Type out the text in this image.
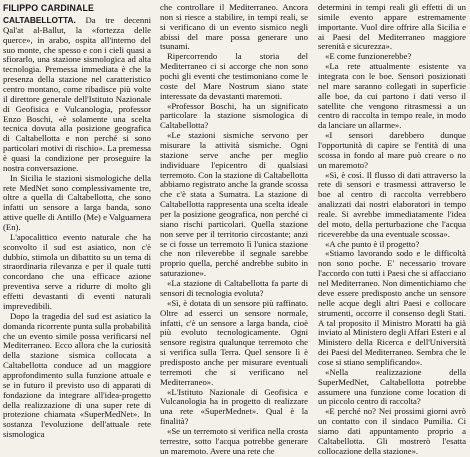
FILIPPO CARDINALE

CALTABELLOTTA. Da tre decenni Qal'at al-Ballut, la «fortezza delle querce», in arabo, ospita all'interno del suo monte, che spesso e con i cieli quasi a sfiorarlo, una stazione sismologica ad alta tecnologia. Premessa immediata è che la presenza della stazione nel caratteristico centro montano, come ribadisce più volte il direttore generale dell'Istituto Nazionale di Geofisica e Vulcanologia, professor Enzo Boschi, «è solamente una scelta tecnica dovuta alla posizione geografica di Caltabellotta e non perché si sono particolari motivi di rischio». La premessa è quasi la condizione per proseguire la nostra conversazione.

In Sicilia le stazioni sismologiche della rete MedNet sono complessivamente tre, oltre a quella di Caltabellotta, che sono infatti un sensore a larga banda, sono attive quelle di Antillo (Me) e Valguarnera (En).

L'apocalittico evento naturale che ha sconvolto il sud est asiatico, non c'è dubbio, stimola un dibattito su un tema di straordinaria rilevanza e per il quale tutti concordano che una efficace azione preventiva serve a ridurre di molto gli effetti devastanti di eventi naturali imprevedibili.

Dopo la tragedia del sud est asiatico la domanda ricorrente punta sulla probabilità che un evento simile possa verificarsi nel Mediterraneo. Ecco allora che la curiosità della stazione sismica collocata a Caltabellotta conduce ad un maggiore approfondimento sulla funzione attuale e se in futuro il previsto uso di apparati di fondazione da integrare all'idea-progetto della realizzazione di una super rete di protezione chiamata «SuperMedNet». In sostanza l'evoluzione dell'attuale rete sismologica

che controllare il Mediterraneo. Ancora non si riesce a stabilire, in tempi reali, se si verificano di un evento sismico negli abissi del mare possa generare uno tsunami.

Ripercorrendo la storia del Mediterraneo ci si accorge che non sono pochi gli eventi che testimoniano come le coste del Mare Nostrum siano state interessate da devastanti maremoti.

«Professor Boschi, ha un significato particolare la stazione sismologica di Caltabellotta?

«Le stazioni sismiche servono per misurare la attività sismiche. Ogni stazione serve anche per meglio individuare l'epicentro di qualsiasi terremoto. Con la stazione di Caltabellotta abbiamo registrato anche la grande scossa che c'è stata a Sumatra. La stazione di Caltabellotta rappresenta una scelta ideale per la posizione geografica, non perché ci siano rischi particolari. Quella stazione non serve per il territorio circostante; anzi se ci fosse un terremoto lì l'unica stazione che non rileverebbe il segnale sarebbe proprio quella, perché andrebbe subito in saturazione».

«La stazione di Caltabellotta fa parte di sensori di tecnologia evoluta?

«Sì, è dotata di un sensore più raffinato. Oltre ad essercì un sensore normale, infatti, c'è un sensore a larga banda, cioè più evoluto tecnologicamente. Ogni sensore registra qualunque terremoto che si verifica sulla Terra. Quel sensore lì è predisposto anche per misurare eventuali terremoti che si verificano nel Mediterraneo».

«L'Istituto Nazionale di Geofisica e Vulcanologia ha in progetto di realizzare una rete «SuperMednet». Qual è la finalità?

«Se un terremoto si verifica nella crosta terrestre, sotto l'acqua potrebbe generare un maremoto. Avere una rete che

determini in tempi reali gli effetti di un simile evento appare estremamente importante. Vuol dire offrire alla Sicilia e ai Paesi del Mediterraneo maggiore serenità e sicurezza».

«E come funzionerebbe?

«La rete attualmente esistente va integrata con le boe. Sensori posizionati nel mare saranno collegati in superficie alle boe, da cui partono i dati verso il satellite che vengono ritrasmessi a un centro di raccolta in tempo reale, in modo da lanciare un allarme».

«I sensori darebbero dunque l'opportunità di capire se l'entità di una scossa in fondo al mare può creare o no un maremoto?

«Sì, è così. Il flusso di dati attraverso la rete di sensori e trasmessi attraverso le boe al centro di raccolta verrebbero analizzati dai nostri elaboratori in tempo reale. Si avrebbe immediatamente l'idea del moto, della perturbazione che l'acqua riceverebbe da una eventuale scossa».

«A che punto è il progetto?

«Stiamo lavorando sodo e le difficoltà non sono poche. E' necessario trovare l'accordo con tutti i Paesi che si affacciano nel Mediterraneo. Non dimentichiamo che deve essere predisposto anche un sensore nelle acque degli altri Paesi e collocare strumenti, occorre il consenso degli Stati. A tal proposito il Ministro Moratti ha già inviato al Ministero degli Affari Esteri e al Ministero della Ricerca e dell'Università dei Paesi del Mediterraneo. Sembra che le cose si stiano semplificando».

«Nella realizzazione della SuperMedNet, Caltabellotta potrebbe assumere una funzione come location di un piccolo centro di raccolta?

«E perché no? Nei prossimi giorni avrò un contatto con il sindaco Pumilia. Ci siamo dati appuntamento proprio a Caltabellotta. Gli mostrerò l'esatta collocazione della stazione».
